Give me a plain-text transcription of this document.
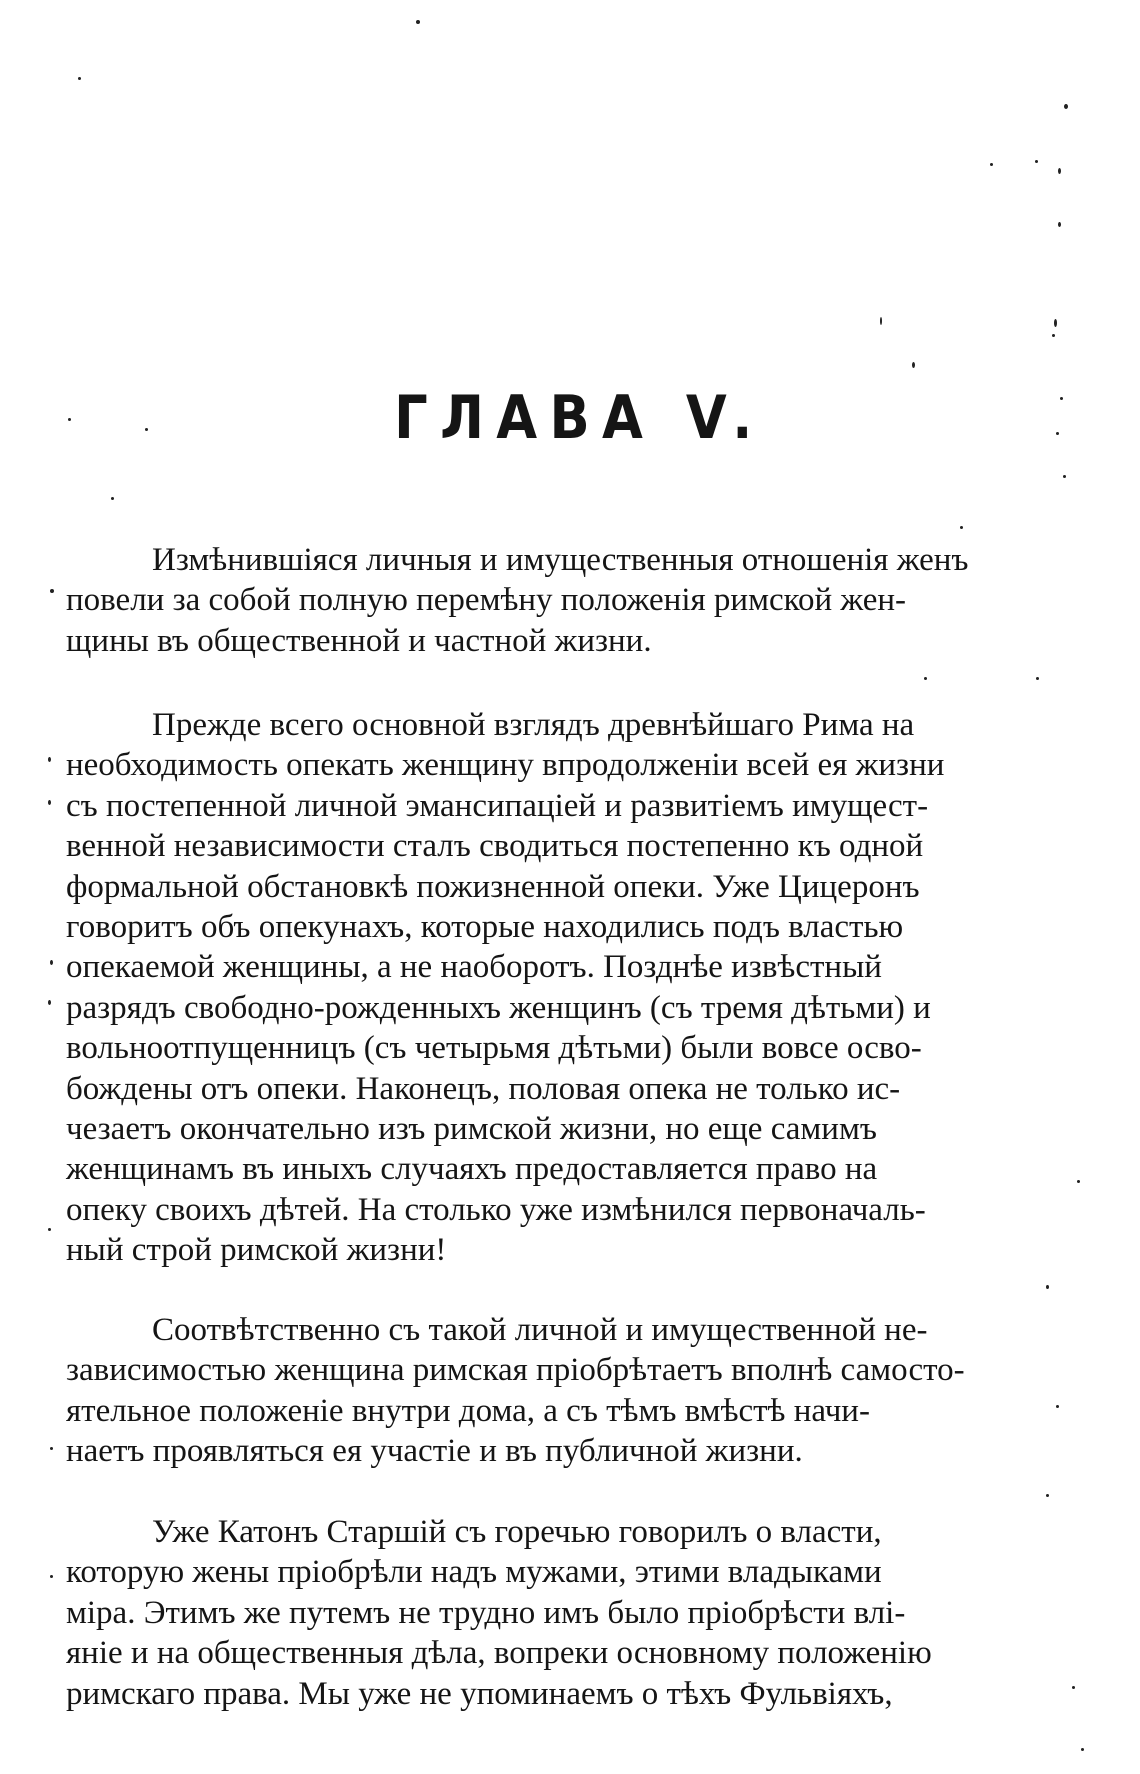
ГЛАВА V.

Измѣнившіяся личныя и имущественныя отношенія женъ
повели за собой полную перемѣну положенія римской жен-
щины въ общественной и частной жизни.

Прежде всего основной взглядъ древнѣйшаго Рима на
необходимость опекать женщину впродолженіи всей ея жизни
съ постепенной личной эмансипаціей и развитіемъ имущест-
венной независимости сталъ сводиться постепенно къ одной
формальной обстановкѣ пожизненной опеки. Уже Цицеронъ
говоритъ объ опекунахъ, которые находились подъ властью
опекаемой женщины, а не наоборотъ. Позднѣе извѣстный
разрядъ свободно-рожденныхъ женщинъ (съ тремя дѣтьми) и
вольноотпущенницъ (съ четырьмя дѣтьми) были вовсе осво-
бождены отъ опеки. Наконецъ, половая опека не только ис-
чезаетъ окончательно изъ римской жизни, но еще самимъ
женщинамъ въ иныхъ случаяхъ предоставляется право на
опеку своихъ дѣтей. На столько уже измѣнился первоначаль-
ный строй римской жизни!

Соотвѣтственно съ такой личной и имущественной не-
зависимостью женщина римская пріобрѣтаетъ вполнѣ самосто-
ятельное положеніе внутри дома, а съ тѣмъ вмѣстѣ начи-
наетъ проявляться ея участіе и въ публичной жизни.

Уже Катонъ Старшій съ горечью говорилъ о власти,
которую жены пріобрѣли надъ мужами, этими владыками
міра. Этимъ же путемъ не трудно имъ было пріобрѣсти влі-
яніе и на общественныя дѣла, вопреки основному положенію
римскаго права. Мы уже не упоминаемъ о тѣхъ Фульвіяхъ,
